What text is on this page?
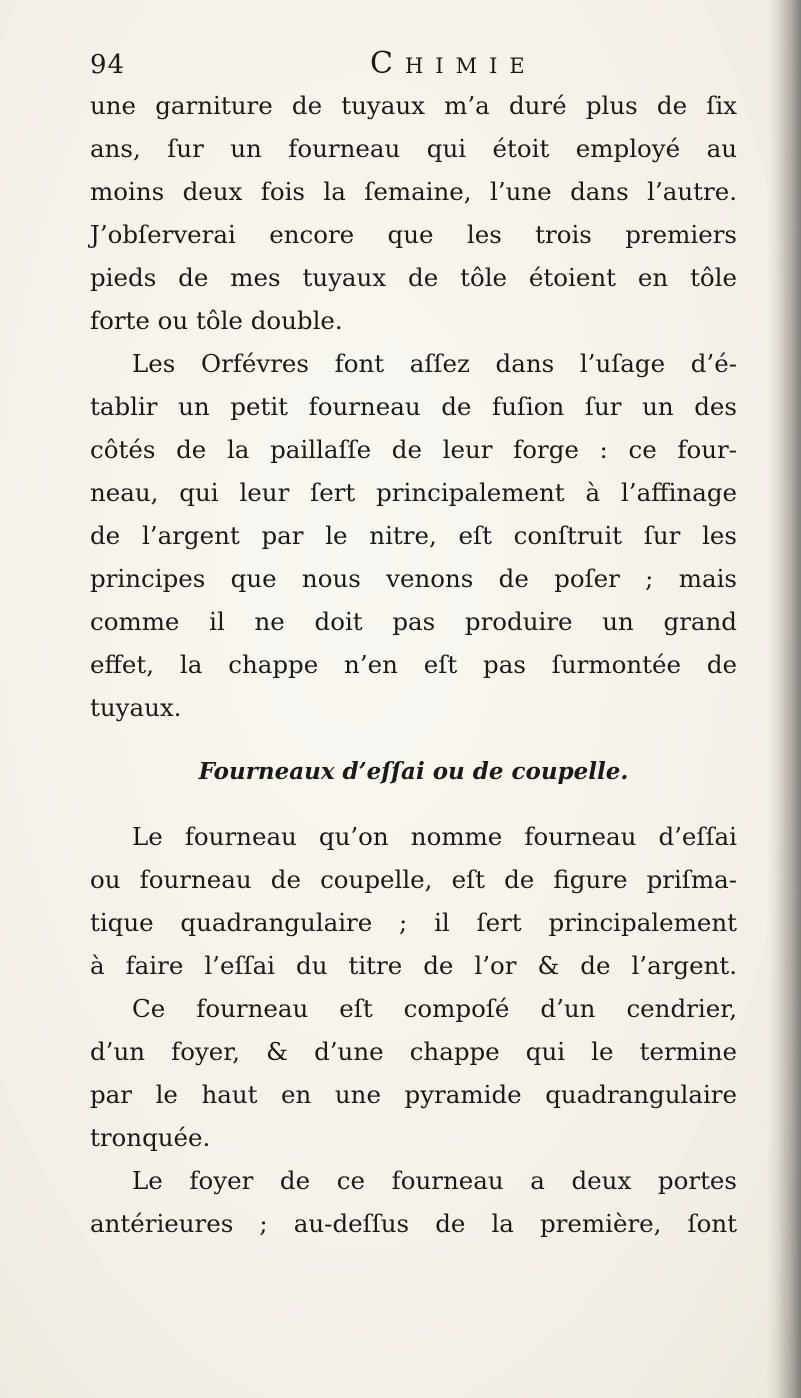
94	Chimie
une garniture de tuyaux m’a duré plus de ſix
ans, ſur un fourneau qui étoit employé au
moins deux fois la ſemaine, l’une dans l’autre.
J’obſerverai encore que les trois premiers
pieds de mes tuyaux de tôle étoient en tôle
forte ou tôle double.
Les Orfévres font aſſez dans l’uſage d’é-
tablir un petit fourneau de fuſion ſur un des
côtés de la paillaſſe de leur forge : ce four-
neau, qui leur ſert principalement à l’affinage
de l’argent par le nitre, eſt conſtruit ſur les
principes que nous venons de poſer ; mais
comme il ne doit pas produire un grand
effet, la chappe n’en eſt pas ſurmontée de
tuyaux.
Fourneaux d’eſſai ou de coupelle.
Le fourneau qu’on nomme fourneau d’eſſai
ou fourneau de coupelle, eſt de figure priſma-
tique quadrangulaire ; il ſert principalement
à faire l’eſſai du titre de l’or & de l’argent.
Ce fourneau eſt compoſé d’un cendrier,
d’un foyer, & d’une chappe qui le termine
par le haut en une pyramide quadrangulaire
tronquée.
Le foyer de ce fourneau a deux portes
antérieures ; au-deſſus de la première, ſont
